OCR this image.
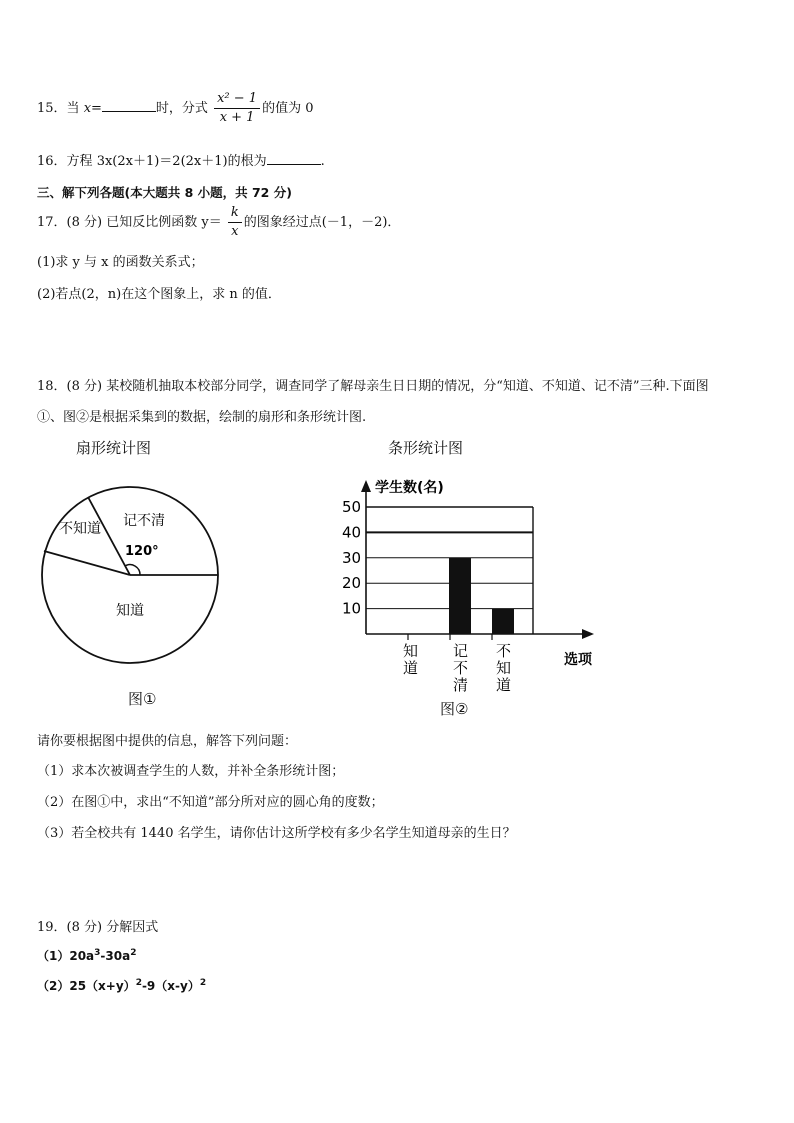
15．当 x=	时，分式 $\frac{\text{x² − 1}}{x + 1}$ 的值为 0
16．方程 3x(2x＋1)＝2(2x＋1)的根为	.
三、解下列各题(本大题共 8 小题，共 72 分)
17．(8 分) 已知反比例函数 $y= \frac{k}{x}$ 的图象经过点(－1，－2)．
(1)求 y 与 x 的函数关系式；
(2)若点(2，n)在这个图象上，求 n 的值．
18．(8 分) 某校随机抽取本校部分同学，调查同学了解母亲生日日期的情况，分“知道、不知道、记不清”三种.下面图
①、图②是根据采集到的数据，绘制的扇形和条形统计图.
扇形统计图	条形统计图
不知道 记不清
120°
知道
图①
学生数(名)
10
20
30
40
50
知
道
记
不
清
不
知
道
选项
图②
请你要根据图中提供的信息，解答下列问题：
（1）求本次被调查学生的人数，并补全条形统计图；
（2）在图①中，求出“不知道”部分所对应的圆心角的度数；
（3）若全校共有 1440 名学生，请你估计这所学校有多少名学生知道母亲的生日？
19．(8 分) 分解因式
$(1)20a^3-30a^2$
$(2)25(x+y)^2-9(x-y)^2$
